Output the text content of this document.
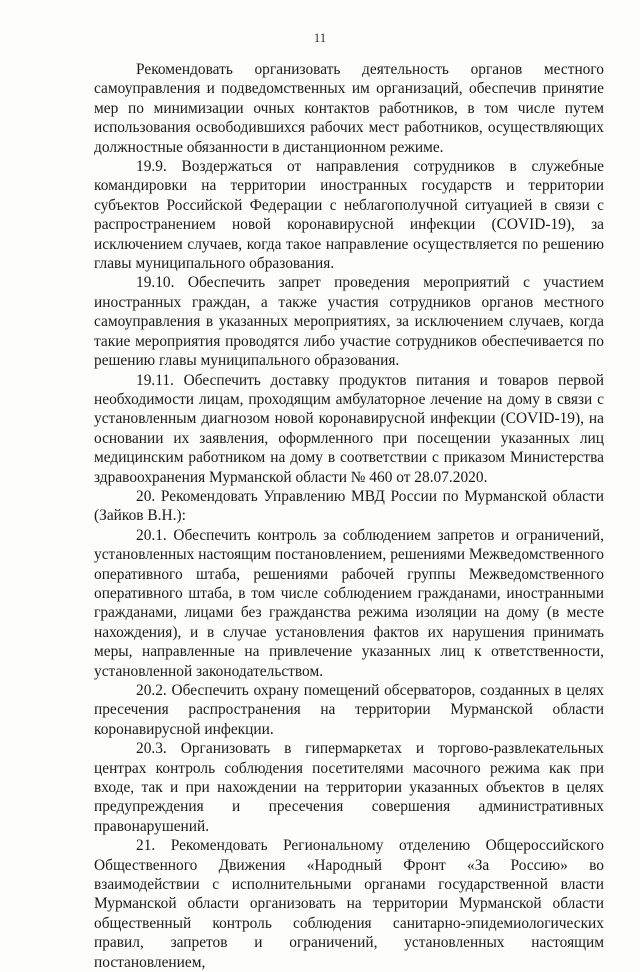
11

Рекомендовать организовать деятельность органов местного самоуправления и подведомственных им организаций, обеспечив принятие мер по минимизации очных контактов работников, в том числе путем использования освободившихся рабочих мест работников, осуществляющих должностные обязанности в дистанционном режиме.

19.9. Воздержаться от направления сотрудников в служебные командировки на территории иностранных государств и территории субъектов Российской Федерации с неблагополучной ситуацией в связи с распространением новой коронавирусной инфекции (COVID-19), за исключением случаев, когда такое направление осуществляется по решению главы муниципального образования.

19.10. Обеспечить запрет проведения мероприятий с участием иностранных граждан, а также участия сотрудников органов местного самоуправления в указанных мероприятиях, за исключением случаев, когда такие мероприятия проводятся либо участие сотрудников обеспечивается по решению главы муниципального образования.

19.11. Обеспечить доставку продуктов питания и товаров первой необходимости лицам, проходящим амбулаторное лечение на дому в связи с установленным диагнозом новой коронавирусной инфекции (COVID-19), на основании их заявления, оформленного при посещении указанных лиц медицинским работником на дому в соответствии с приказом Министерства здравоохранения Мурманской области № 460 от 28.07.2020.

20. Рекомендовать Управлению МВД России по Мурманской области (Зайков В.Н.):

20.1. Обеспечить контроль за соблюдением запретов и ограничений, установленных настоящим постановлением, решениями Межведомственного оперативного штаба, решениями рабочей группы Межведомственного оперативного штаба, в том числе соблюдением гражданами, иностранными гражданами, лицами без гражданства режима изоляции на дому (в месте нахождения), и в случае установления фактов их нарушения принимать меры, направленные на привлечение указанных лиц к ответственности, установленной законодательством.

20.2. Обеспечить охрану помещений обсерваторов, созданных в целях пресечения распространения на территории Мурманской области коронавирусной инфекции.

20.3. Организовать в гипермаркетах и торгово-развлекательных центрах контроль соблюдения посетителями масочного режима как при входе, так и при нахождении на территории указанных объектов в целях предупреждения и пресечения совершения административных правонарушений.

21. Рекомендовать Региональному отделению Общероссийского Общественного Движения «Народный Фронт «За Россию» во взаимодействии с исполнительными органами государственной власти Мурманской области организовать на территории Мурманской области общественный контроль соблюдения санитарно-эпидемиологических правил, запретов и ограничений, установленных настоящим постановлением,
